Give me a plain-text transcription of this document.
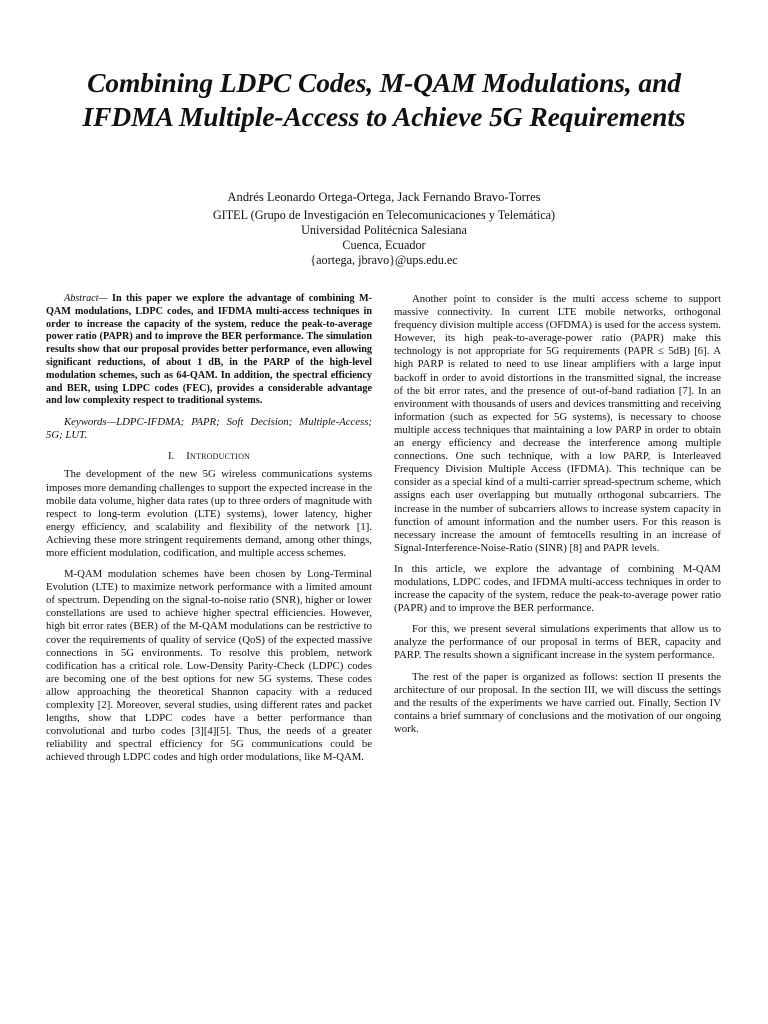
Combining LDPC Codes, M-QAM Modulations, and IFDMA Multiple-Access to Achieve 5G Requirements
Andrés Leonardo Ortega-Ortega, Jack Fernando Bravo-Torres
GITEL (Grupo de Investigación en Telecomunicaciones y Telemática)
Universidad Politécnica Salesiana
Cuenca, Ecuador
{aortega, jbravo}@ups.edu.ec

Abstract— In this paper we explore the advantage of combining M-QAM modulations, LDPC codes, and IFDMA multi-access techniques in order to increase the capacity of the system, reduce the peak-to-average power ratio (PAPR) and to improve the BER performance. The simulation results show that our proposal provides better performance, even allowing significant reductions, of about 1 dB, in the PARP of the high-level modulation schemes, such as 64-QAM. In addition, the spectral efficiency and BER, using LDPC codes (FEC), provides a considerable advantage and low complexity respect to traditional systems.

Keywords—LDPC-IFDMA; PAPR; Soft Decision; Multiple-Access; 5G; LUT.

I. Introduction

The development of the new 5G wireless communications systems imposes more demanding challenges to support the expected increase in the mobile data volume, higher data rates (up to three orders of magnitude with respect to long-term evolution (LTE) systems), lower latency, higher energy efficiency, and scalability and flexibility of the network [1]. Achieving these more stringent requirements demand, among other things, more efficient modulation, codification, and multiple access schemes.

M-QAM modulation schemes have been chosen by Long-Terminal Evolution (LTE) to maximize network performance with a limited amount of spectrum. Depending on the signal-to-noise ratio (SNR), higher or lower constellations are used to achieve higher spectral efficiencies. However, high bit error rates (BER) of the M-QAM modulations can be restrictive to cover the requirements of quality of service (QoS) of the expected massive connections in 5G environments. To resolve this problem, network codification has a critical role. Low-Density Parity-Check (LDPC) codes are becoming one of the best options for new 5G systems. These codes allow approaching the theoretical Shannon capacity with a reduced complexity [2]. Moreover, several studies, using different rates and packet lengths, show that LDPC codes have a better performance than convolutional and turbo codes [3][4][5]. Thus, the needs of a greater reliability and spectral efficiency for 5G communications could be achieved through LDPC codes and high order modulations, like M-QAM.

Another point to consider is the multi access scheme to support massive connectivity. In current LTE mobile networks, orthogonal frequency division multiple access (OFDMA) is used for the access system. However, its high peak-to-average-power ratio (PAPR) make this technology is not appropriate for 5G requirements (PAPR ≤ 5dB) [6]. A high PARP is related to need to use linear amplifiers with a large input backoff in order to avoid distortions in the transmitted signal, the increase of the bit error rates, and the presence of out-of-band radiation [7]. In an environment with thousands of users and devices transmitting and receiving information (such as expected for 5G systems), is necessary to choose multiple access techniques that maintaining a low PARP in order to obtain an energy efficiency and decrease the interference among multiple connections. One such technique, with a low PARP, is Interleaved Frequency Division Multiple Access (IFDMA). This technique can be consider as a special kind of a multi-carrier spread-spectrum scheme, which assigns each user overlapping but mutually orthogonal subcarriers. The increase in the number of subcarriers allows to increase system capacity in function of amount information and the number users. For this reason is necessary increase the amount of femtocells resulting in an increase of Signal-Interference-Noise-Ratio (SINR) [8] and PAPR levels.

In this article, we explore the advantage of combining M-QAM modulations, LDPC codes, and IFDMA multi-access techniques in order to increase the capacity of the system, reduce the peak-to-average power ratio (PAPR) and to improve the BER performance.

For this, we present several simulations experiments that allow us to analyze the performance of our proposal in terms of BER, capacity and PARP. The results shown a significant increase in the system performance.

The rest of the paper is organized as follows: section II presents the architecture of our proposal. In the section III, we will discuss the settings and the results of the experiments we have carried out. Finally, Section IV contains a brief summary of conclusions and the motivation of our ongoing work.
